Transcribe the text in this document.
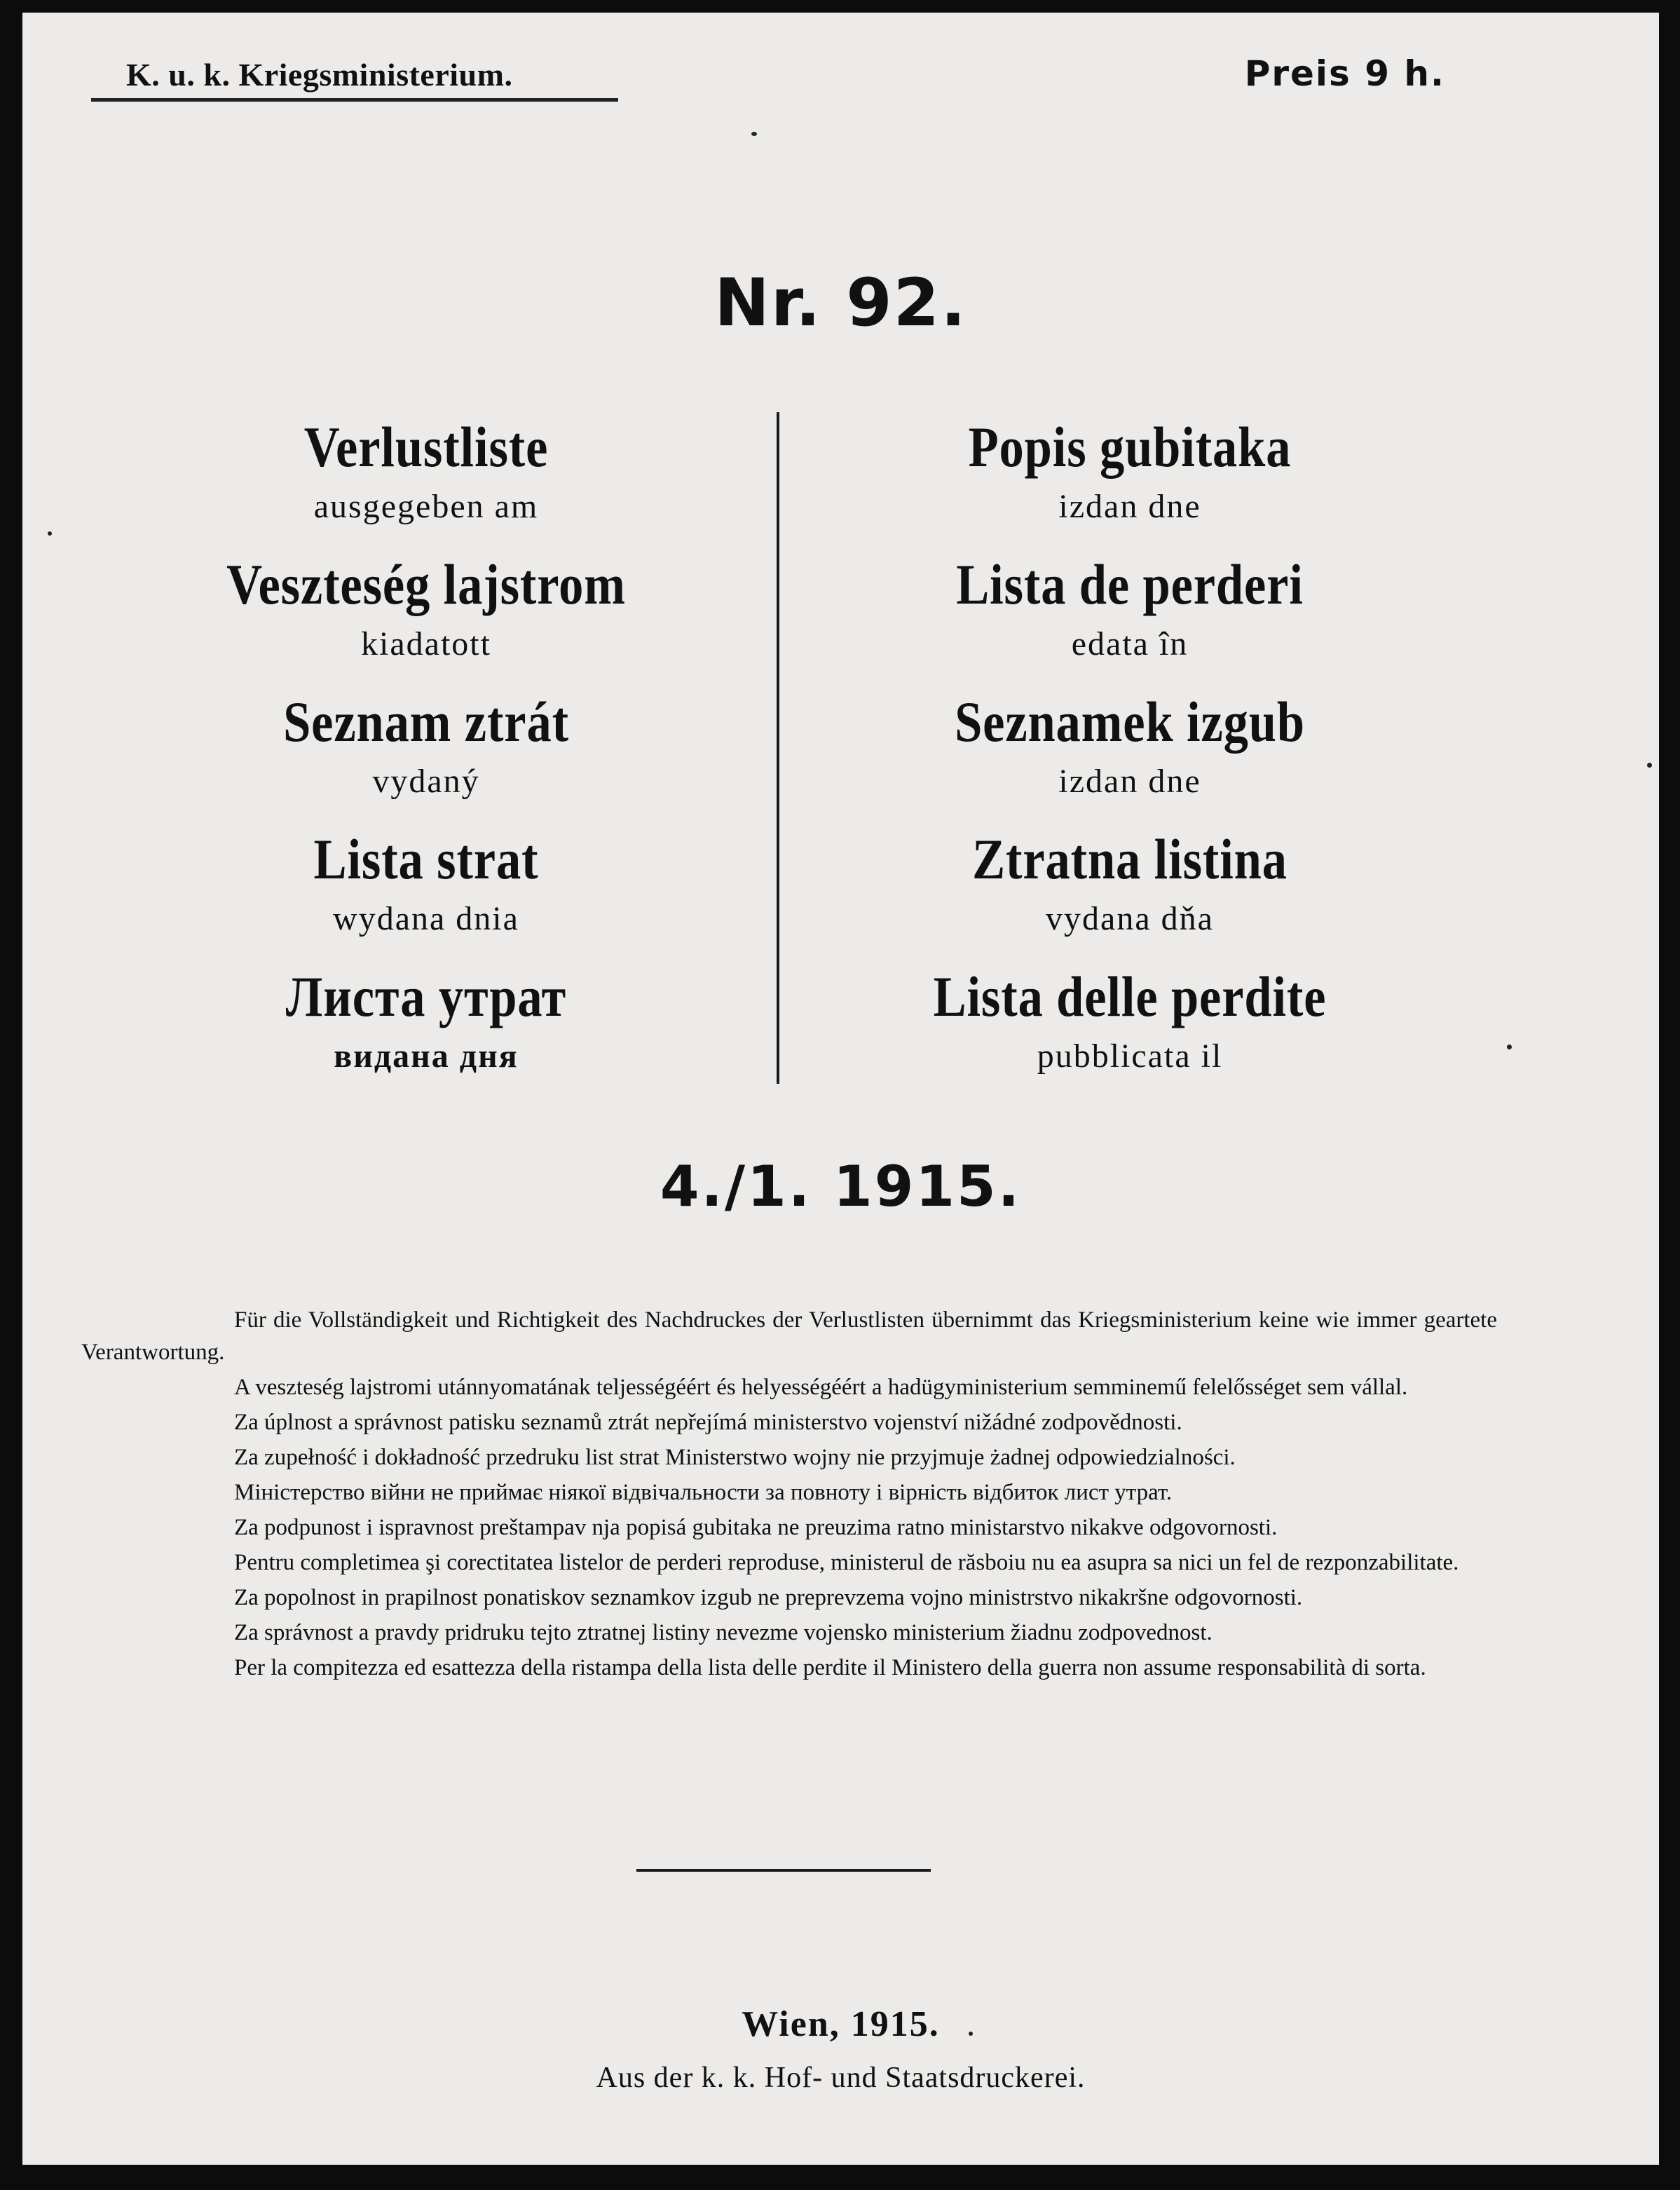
K. u. k. Kriegsministerium.	Preis 9 h.
Nr. 92.
Verlustliste
ausgegeben am
Veszteség lajstrom
kiadatott
Seznam ztrát
vydaný
Lista strat
wydana dnia
Листа утрат
видана дня
Popis gubitaka
izdan dne
Lista de perderi
edata în
Seznamek izgub
izdan dne
Ztratna listina
vydana dňa
Lista delle perdite
pubblicata il
4./1. 1915.

Für die Vollständigkeit und Richtigkeit des Nachdruckes der Verlustlisten übernimmt das Kriegsministerium keine wie immer geartete Verantwortung.

A veszteség lajstromi utánnyomatának teljességéért és helyességéért a hadügyministerium semminemű felelősséget sem vállal.

Za úplnost a správnost patisku seznamů ztrát nepřejímá ministerstvo vojenství nižádné zodpovědnosti.

Za zupełność i dokładność przedruku list strat Ministerstwo wojny nie przyjmuje żadnej odpowiedzialności.

Міністерство війни не приймає ніякої відвічальности за повноту і вірність відбиток лист утрат.

Za podpunost i ispravnost preštampav nja popisá gubitaka ne preuzima ratno ministarstvo nikakve odgovornosti.

Pentru completimea şi corectitatea listelor de perderi reproduse, ministerul de răsboiu nu ea asupra sa nici un fel de rezponzabilitate.

Za popolnost in prapilnost ponatiskov seznamkov izgub ne preprevzema vojno ministrstvo nikakršne odgovornosti.

Za správnost a pravdy pridruku tejto ztratnej listiny nevezme vojensko ministerium žiadnu zodpovednost.

Per la compitezza ed esattezza della ristampa della lista delle perdite il Ministero della guerra non assume responsabilità di sorta.

Wien, 1915.
Aus der k. k. Hof- und Staatsdruckerei.
